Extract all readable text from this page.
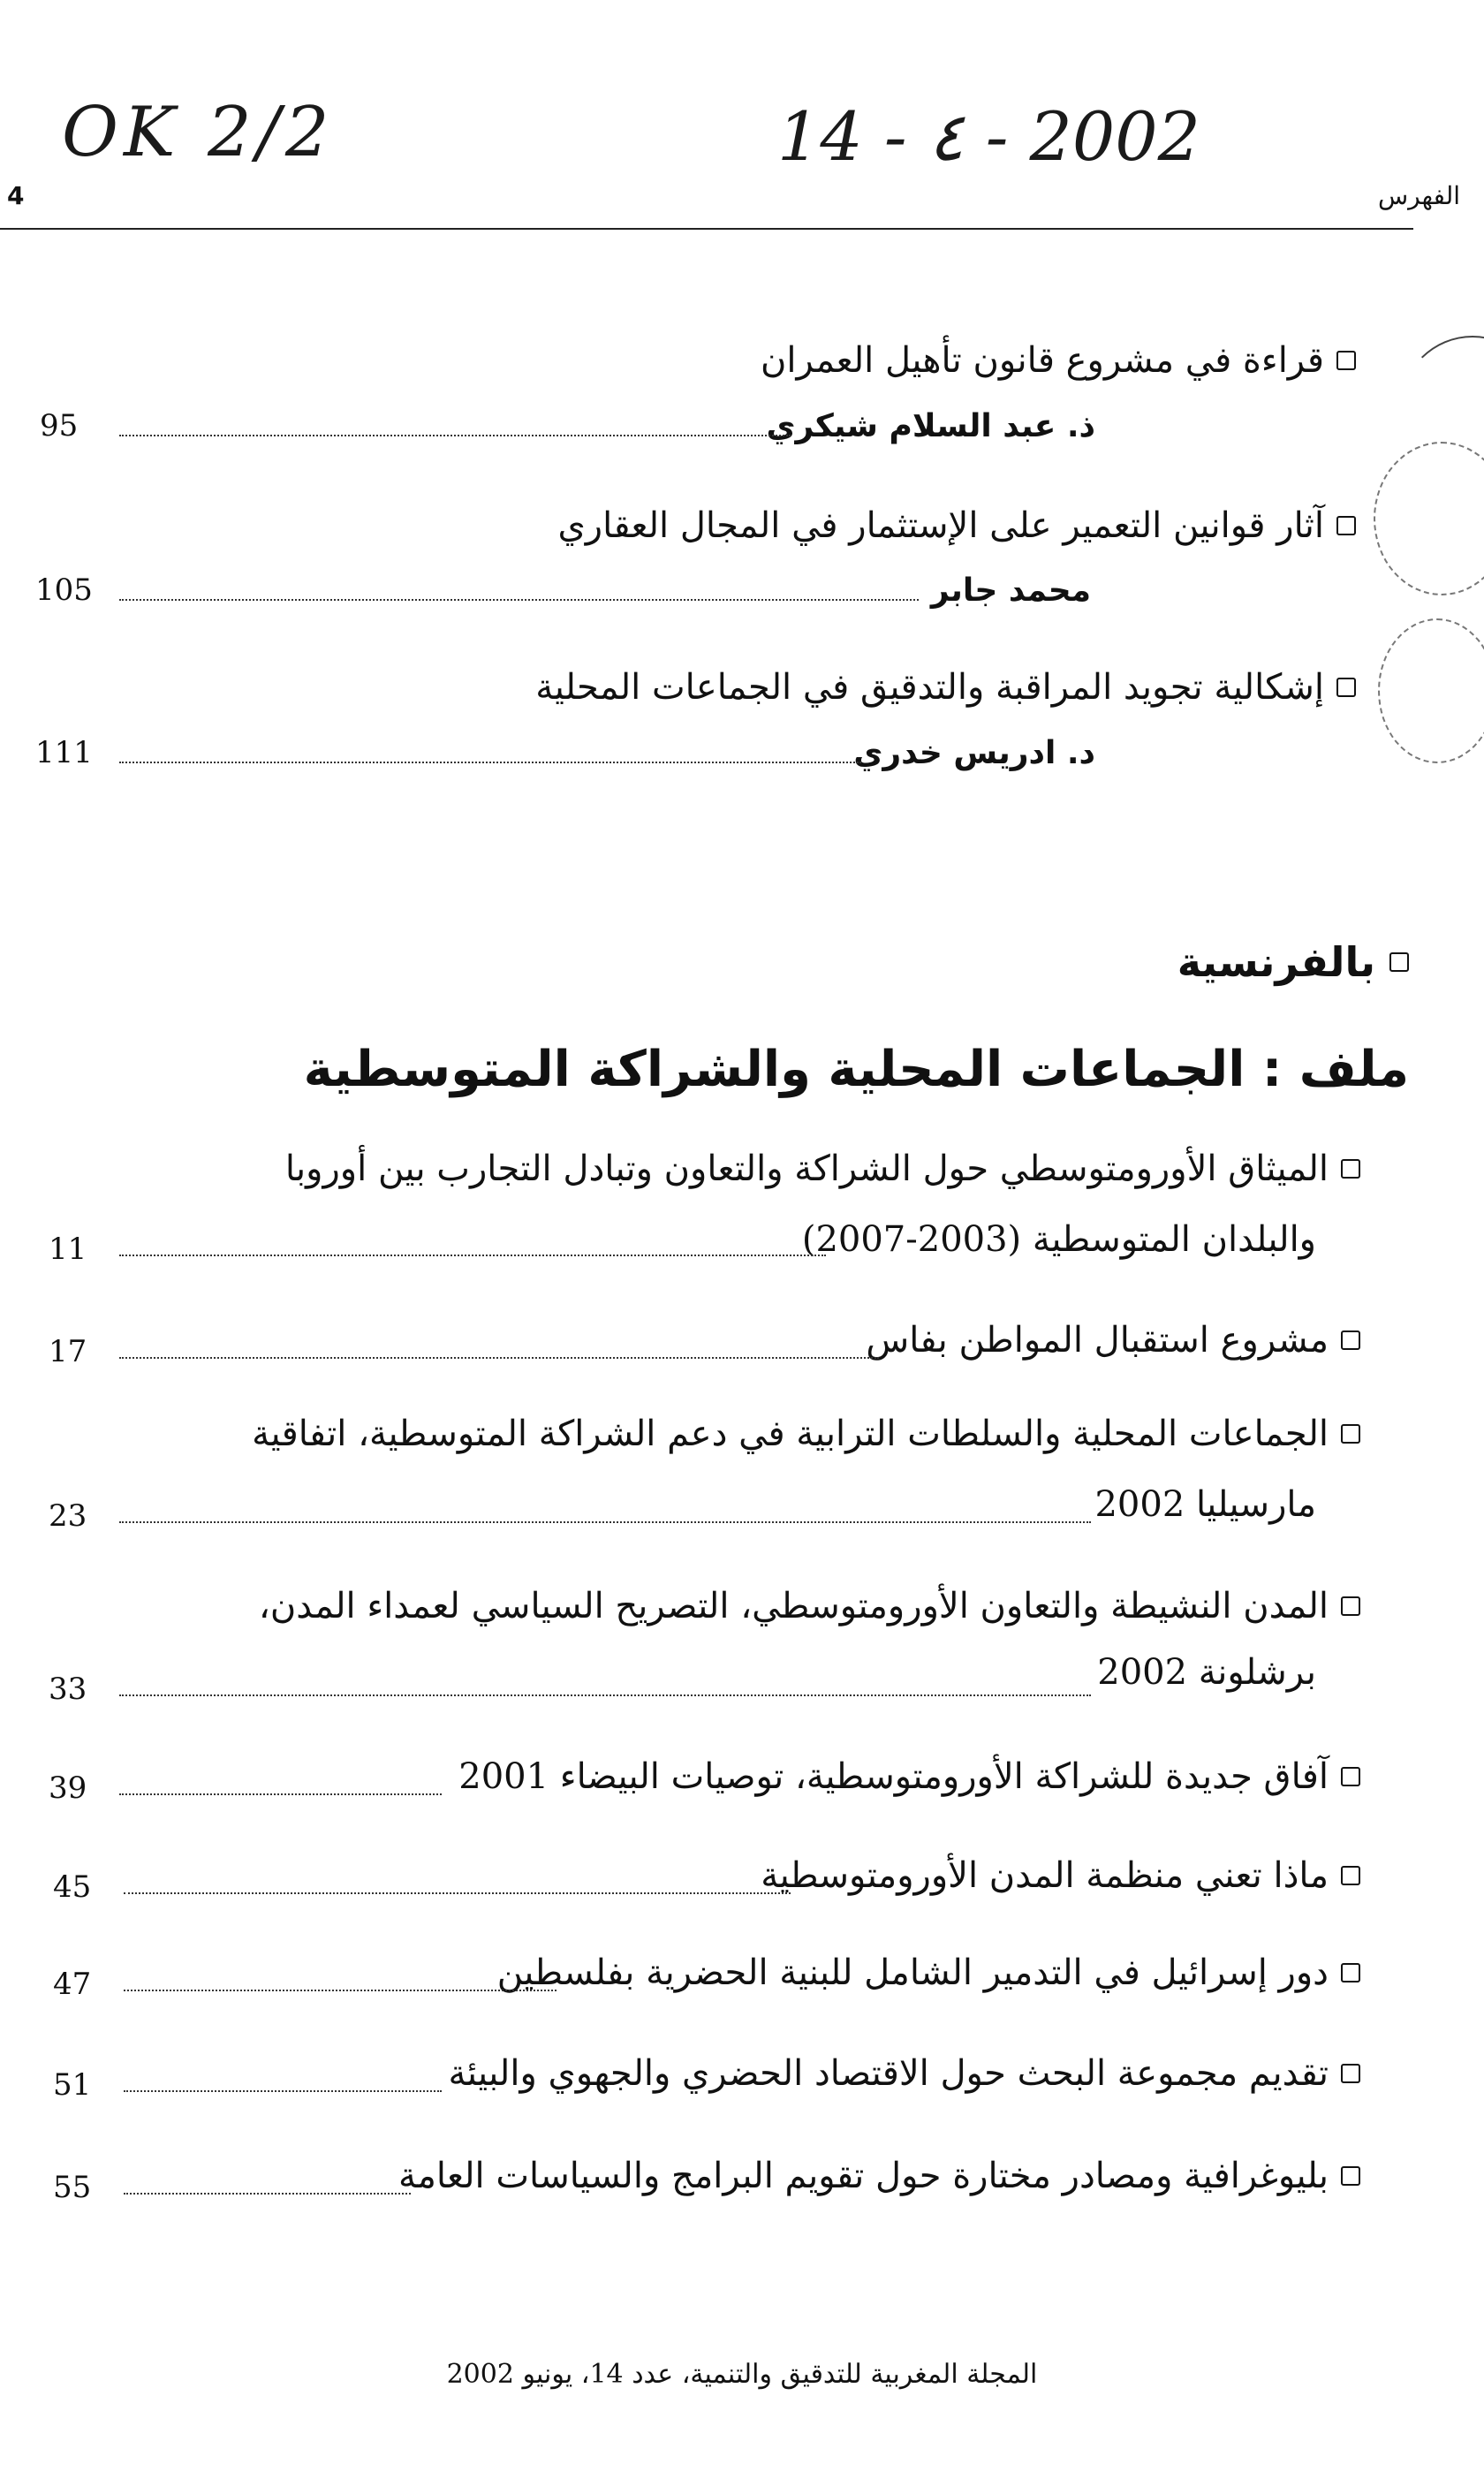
OK 2/2	14 - ٤ - 2002
4	الفهرس
قراءة في مشروع قانون تأهيل العمران
ذ. عبد السلام شيكري
95
آثار قوانين التعمير على الإستثمار في المجال العقاري
محمد جابر
105
إشكالية تجويد المراقبة والتدقيق في الجماعات المحلية
د. ادريس خدري
111
بالفرنسية
ملف : الجماعات المحلية والشراكة المتوسطية
الميثاق الأورومتوسطي حول الشراكة والتعاون وتبادل التجارب بين أوروبا
والبلدان المتوسطية (2003-2007)
11
مشروع استقبال المواطن بفاس
17
الجماعات المحلية والسلطات الترابية في دعم الشراكة المتوسطية، اتفاقية
مارسيليا 2002
23
المدن النشيطة والتعاون الأورومتوسطي، التصريح السياسي لعمداء المدن،
برشلونة 2002
33
آفاق جديدة للشراكة الأورومتوسطية، توصيات البيضاء 2001
39
ماذا تعني منظمة المدن الأورومتوسطية
45
دور إسرائيل في التدمير الشامل للبنية الحضرية بفلسطين
47
تقديم مجموعة البحث حول الاقتصاد الحضري والجهوي والبيئة
51
بليوغرافية ومصادر مختارة حول تقويم البرامج والسياسات العامة
55
المجلة المغربية للتدقيق والتنمية، عدد 14، يونيو 2002
